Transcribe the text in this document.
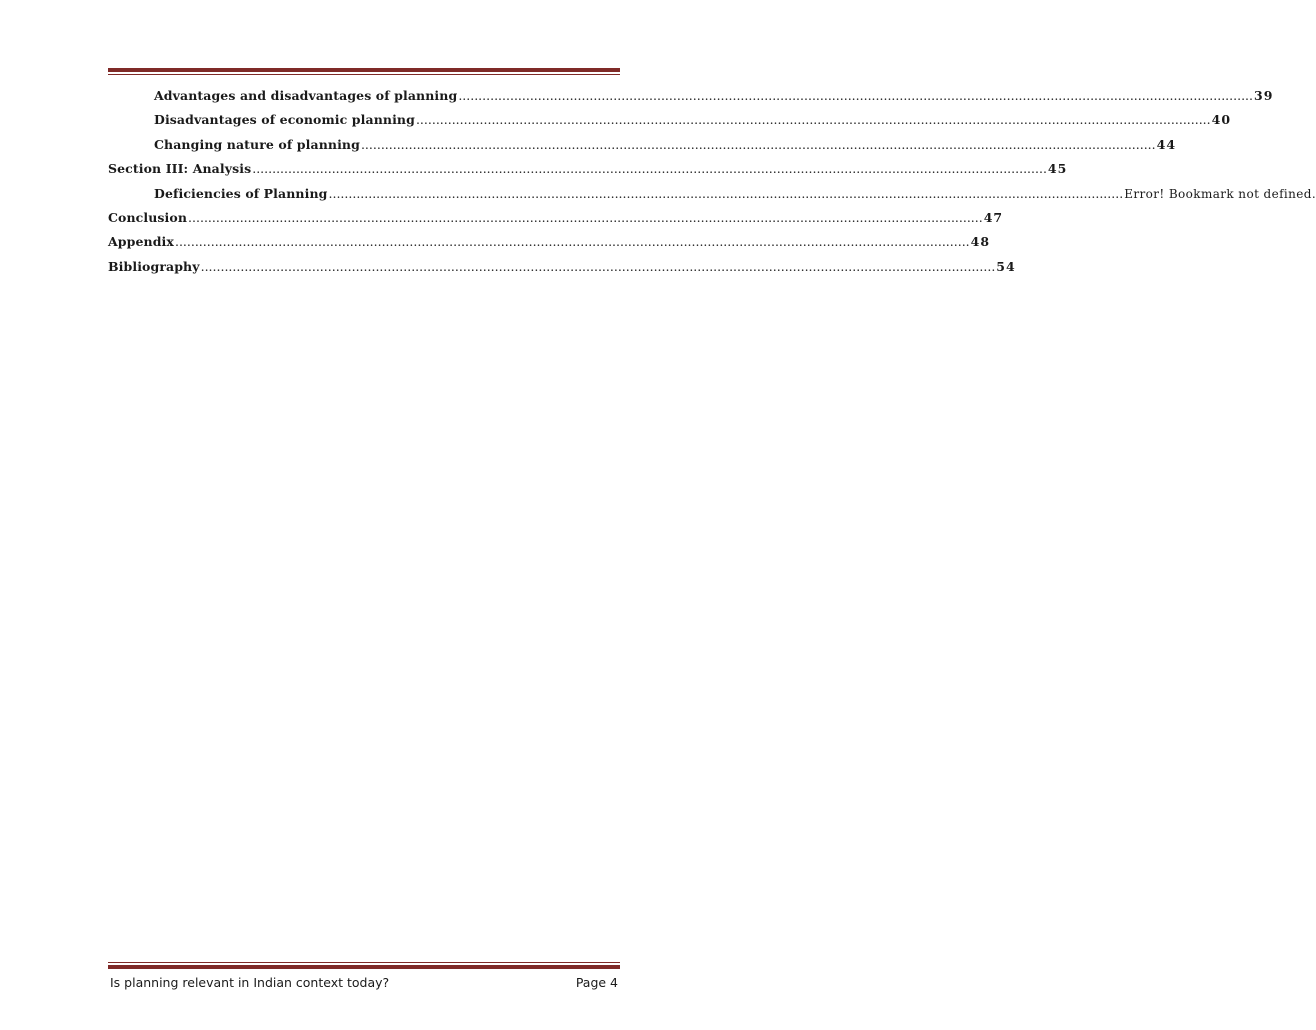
Advantages and disadvantages of planning ........................................................................................................................................................................................................ 39
Disadvantages of economic planning ........................................................................................................................................................................................................ 40
Changing nature of planning ........................................................................................................................................................................................................ 44
Section III: Analysis ........................................................................................................................................................................................................ 45
Deficiencies of Planning ........................................................................................................................................................................................................ Error! Bookmark not defined.
Conclusion ........................................................................................................................................................................................................ 47
Appendix ........................................................................................................................................................................................................ 48
Bibliography ........................................................................................................................................................................................................ 54
Is planning relevant in Indian context today?	Page 4
